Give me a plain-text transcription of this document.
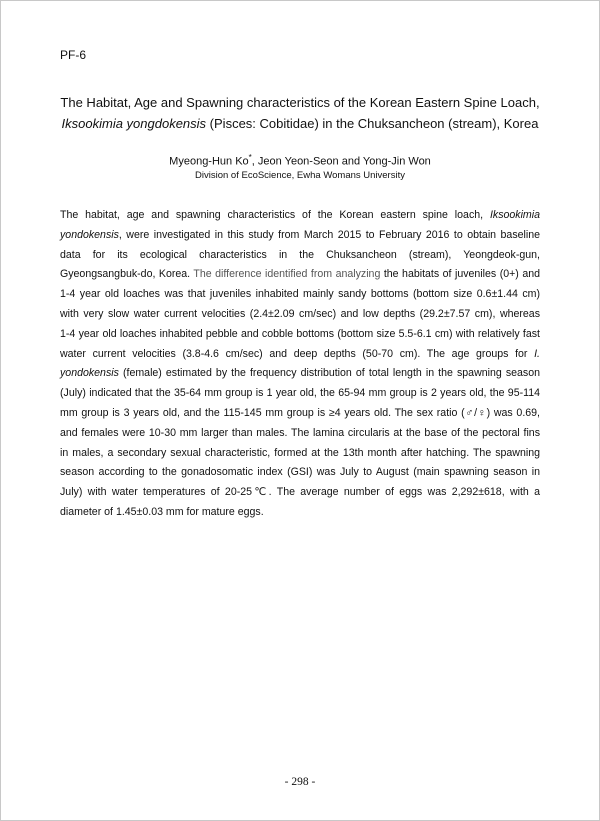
PF-6
The Habitat, Age and Spawning characteristics of the Korean Eastern Spine Loach,
Iksookimia yongdokensis (Pisces: Cobitidae) in the Chuksancheon (stream), Korea
Myeong-Hun Ko*, Jeon Yeon-Seon and Yong-Jin Won
Division of EcoScience, Ewha Womans University
The habitat, age and spawning characteristics of the Korean eastern spine loach, Iksookimia
yondokensis, were investigated in this study from March 2015 to February 2016 to obtain baseline
data for its ecological characteristics in the Chuksancheon (stream), Yeongdeok-gun,
Gyeongsangbuk-do, Korea. The difference identified from analyzing the habitats of juveniles (0+) and
1-4 year old loaches was that juveniles inhabited mainly sandy bottoms (bottom size 0.6±1.44 cm)
with very slow water current velocities (2.4±2.09 cm/sec) and low depths (29.2±7.57 cm), whereas
1-4 year old loaches inhabited pebble and cobble bottoms (bottom size 5.5-6.1 cm) with relatively fast
water current velocities (3.8-4.6 cm/sec) and deep depths (50-70 cm). The age groups for I.
yondokensis (female) estimated by the frequency distribution of total length in the spawning season
(July) indicated that the 35-64 mm group is 1 year old, the 65-94 mm group is 2 years old, the 95-114
mm group is 3 years old, and the 115-145 mm group is ≥4 years old. The sex ratio (♂/♀) was 0.69,
and females were 10-30 mm larger than males. The lamina circularis at the base of the pectoral fins
in males, a secondary sexual characteristic, formed at the 13th month after hatching. The spawning
season according to the gonadosomatic index (GSI) was July to August (main spawning season in
July) with water temperatures of 20-25℃. The average number of eggs was 2,292±618, with a
diameter of 1.45±0.03 mm for mature eggs.
- 298 -
